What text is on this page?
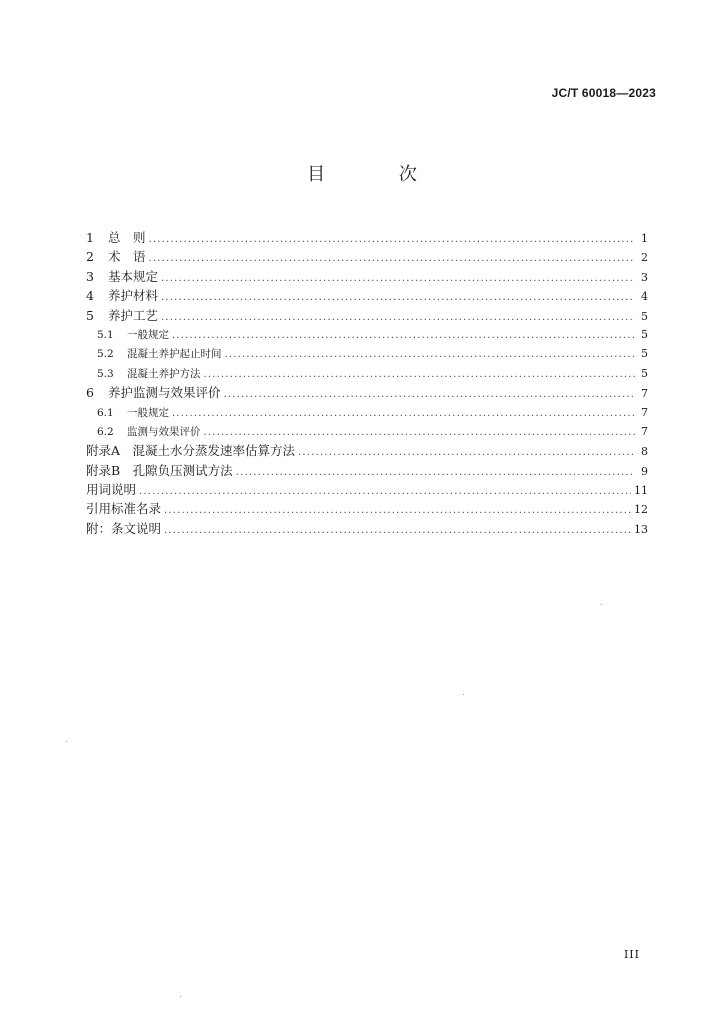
JC/T 60018—2023
目 次
1	总　则 .....	1
2	术　语 .....	2
3	基本规定 .....	3
4	养护材料 .....	4
5	养护工艺 .....	5
5.1	一般规定 .....	5
5.2	混凝土养护起止时间 .....	5
5.3	混凝土养护方法 .....	5
6	养护监测与效果评价 .....	7
6.1	一般规定 .....	7
6.2	监测与效果评价 .....	7
附录A　混凝土水分蒸发速率估算方法 .....	8
附录B　孔隙负压测试方法 .....	9
用词说明 .....	11
引用标准名录 .....	12
附：条文说明 .....	13
III
